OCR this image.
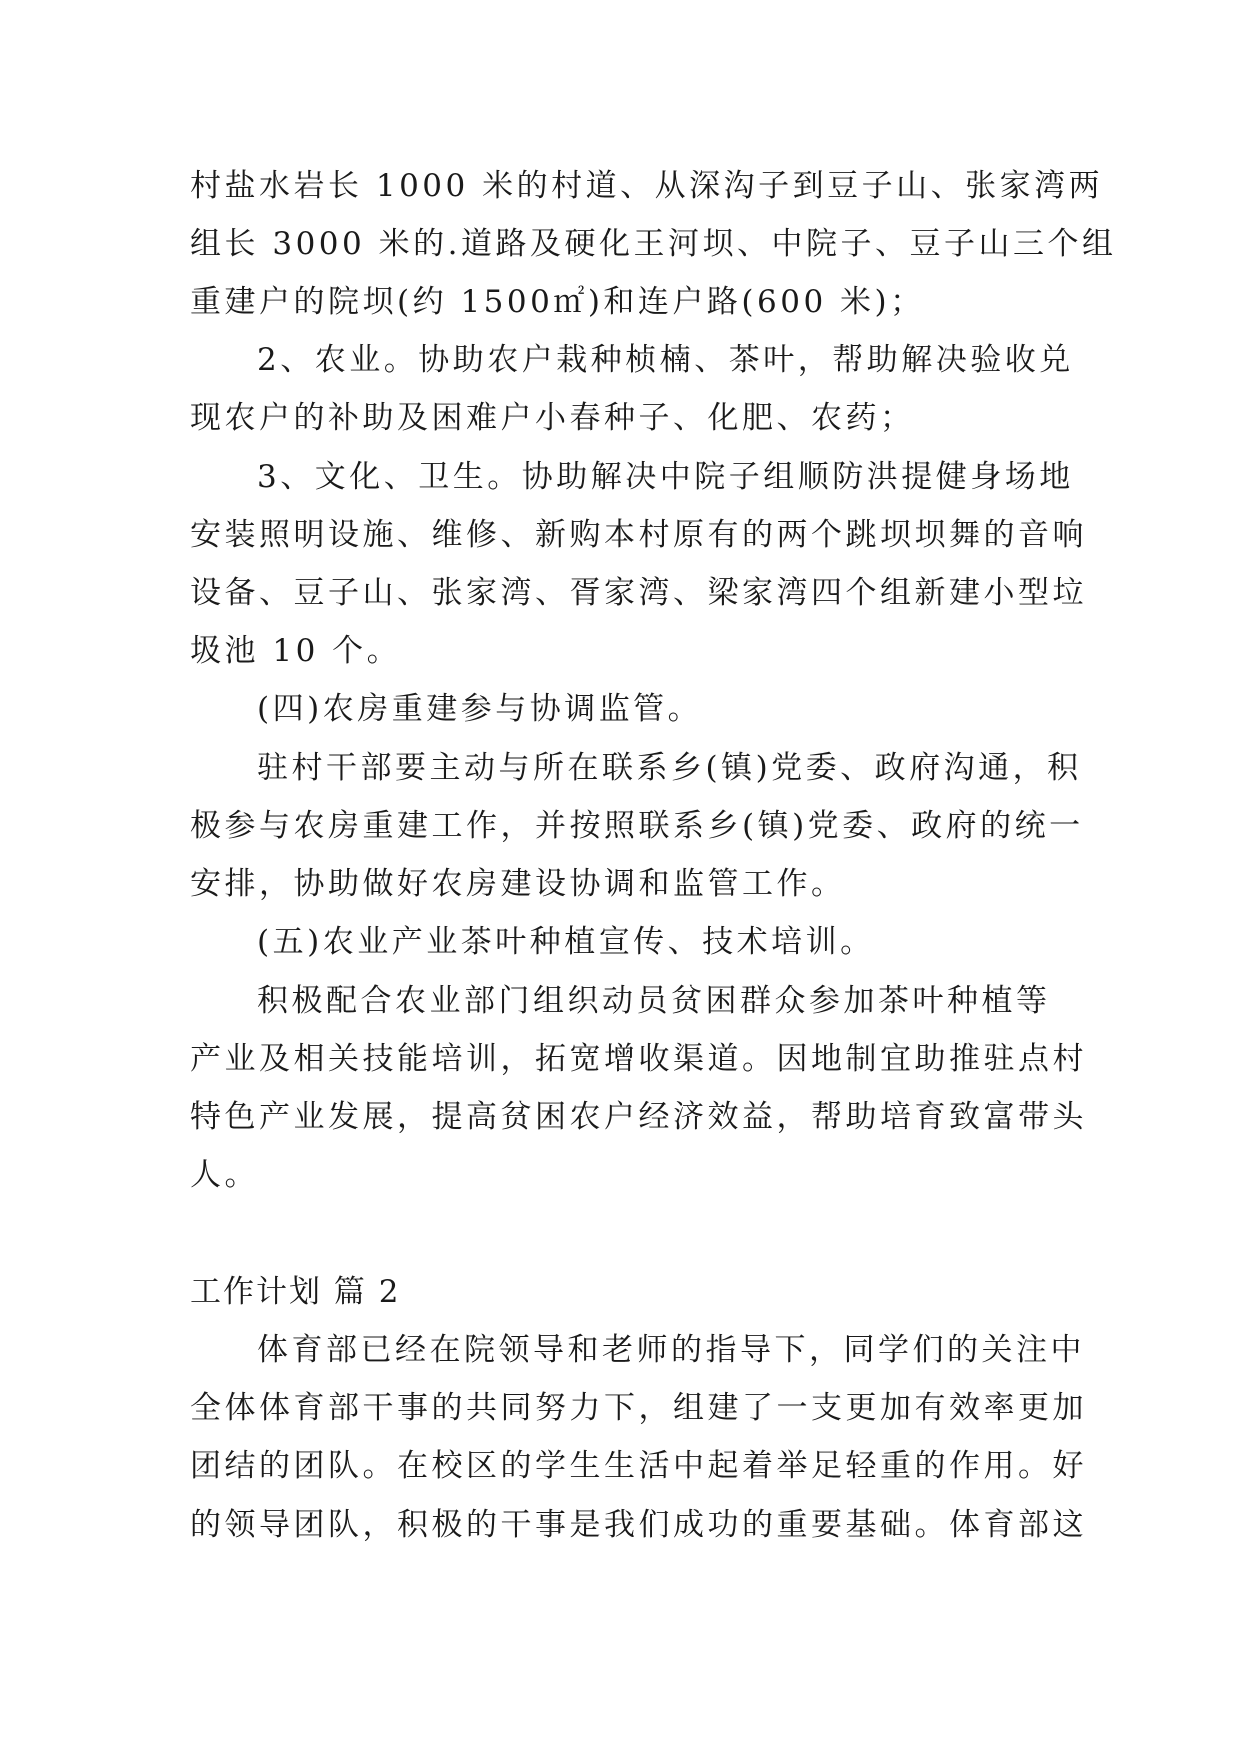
村盐水岩长 1000 米的村道、从深沟子到豆子山、张家湾两
组长 3000 米的.道路及硬化王河坝、中院子、豆子山三个组
重建户的院坝(约 1500㎡)和连户路(600 米)；
2、农业。协助农户栽种桢楠、茶叶，帮助解决验收兑
现农户的补助及困难户小春种子、化肥、农药；
3、文化、卫生。协助解决中院子组顺防洪提健身场地
安装照明设施、维修、新购本村原有的两个跳坝坝舞的音响
设备、豆子山、张家湾、胥家湾、梁家湾四个组新建小型垃
圾池 10 个。
(四)农房重建参与协调监管。
驻村干部要主动与所在联系乡(镇)党委、政府沟通，积
极参与农房重建工作，并按照联系乡(镇)党委、政府的统一
安排，协助做好农房建设协调和监管工作。
(五)农业产业茶叶种植宣传、技术培训。
积极配合农业部门组织动员贫困群众参加茶叶种植等
产业及相关技能培训，拓宽增收渠道。因地制宜助推驻点村
特色产业发展，提高贫困农户经济效益，帮助培育致富带头
人。
工作计划 篇 2
体育部已经在院领导和老师的指导下，同学们的关注中
全体体育部干事的共同努力下，组建了一支更加有效率更加
团结的团队。在校区的学生生活中起着举足轻重的作用。好
的领导团队，积极的干事是我们成功的重要基础。体育部这
